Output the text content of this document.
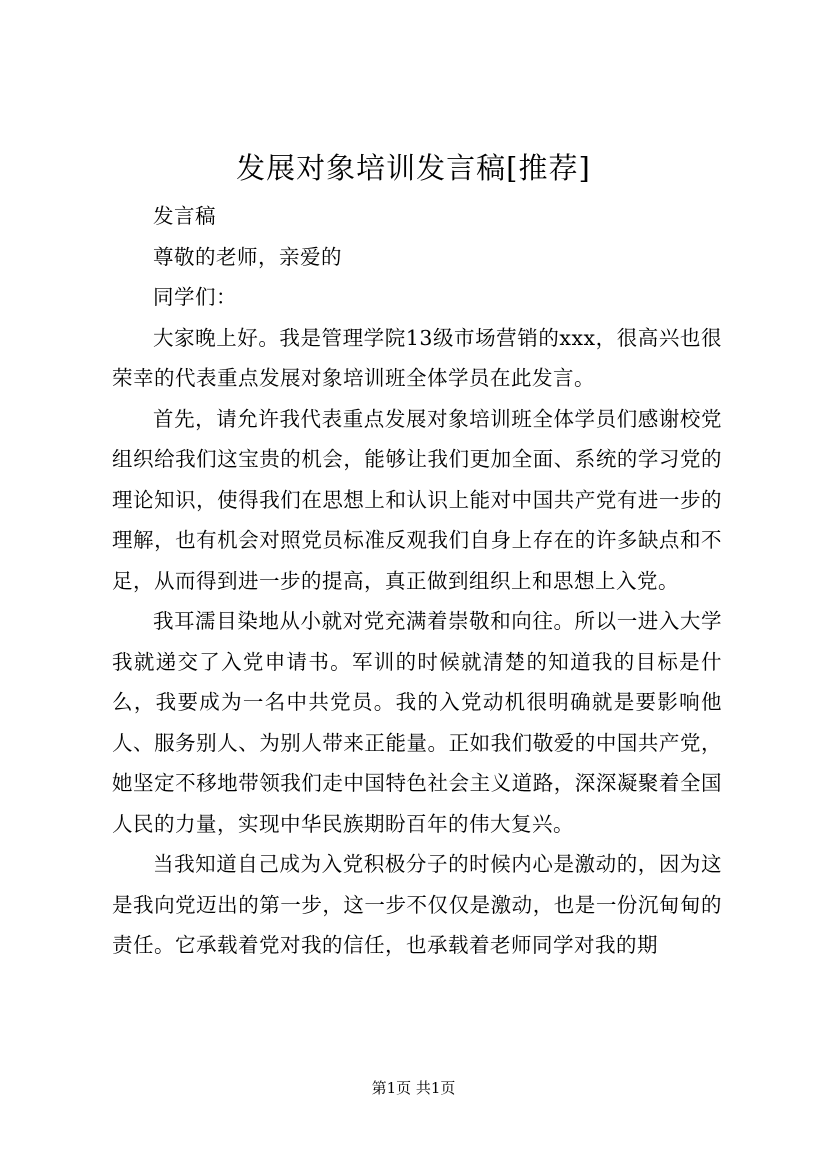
发展对象培训发言稿[推荐]

发言稿

尊敬的老师，亲爱的

同学们：

大家晚上好。我是管理学院13级市场营销的xxx，很高兴也很荣幸的代表重点发展对象培训班全体学员在此发言。

首先，请允许我代表重点发展对象培训班全体学员们感谢校党组织给我们这宝贵的机会，能够让我们更加全面、系统的学习党的理论知识，使得我们在思想上和认识上能对中国共产党有进一步的理解，也有机会对照党员标准反观我们自身上存在的许多缺点和不足，从而得到进一步的提高，真正做到组织上和思想上入党。

我耳濡目染地从小就对党充满着崇敬和向往。所以一进入大学我就递交了入党申请书。军训的时候就清楚的知道我的目标是什么，我要成为一名中共党员。我的入党动机很明确就是要影响他人、服务别人、为别人带来正能量。正如我们敬爱的中国共产党，她坚定不移地带领我们走中国特色社会主义道路，深深凝聚着全国人民的力量，实现中华民族期盼百年的伟大复兴。

当我知道自己成为入党积极分子的时候内心是激动的，因为这是我向党迈出的第一步，这一步不仅仅是激动，也是一份沉甸甸的责任。它承载着党对我的信任，也承载着老师同学对我的期

第1页 共1页
